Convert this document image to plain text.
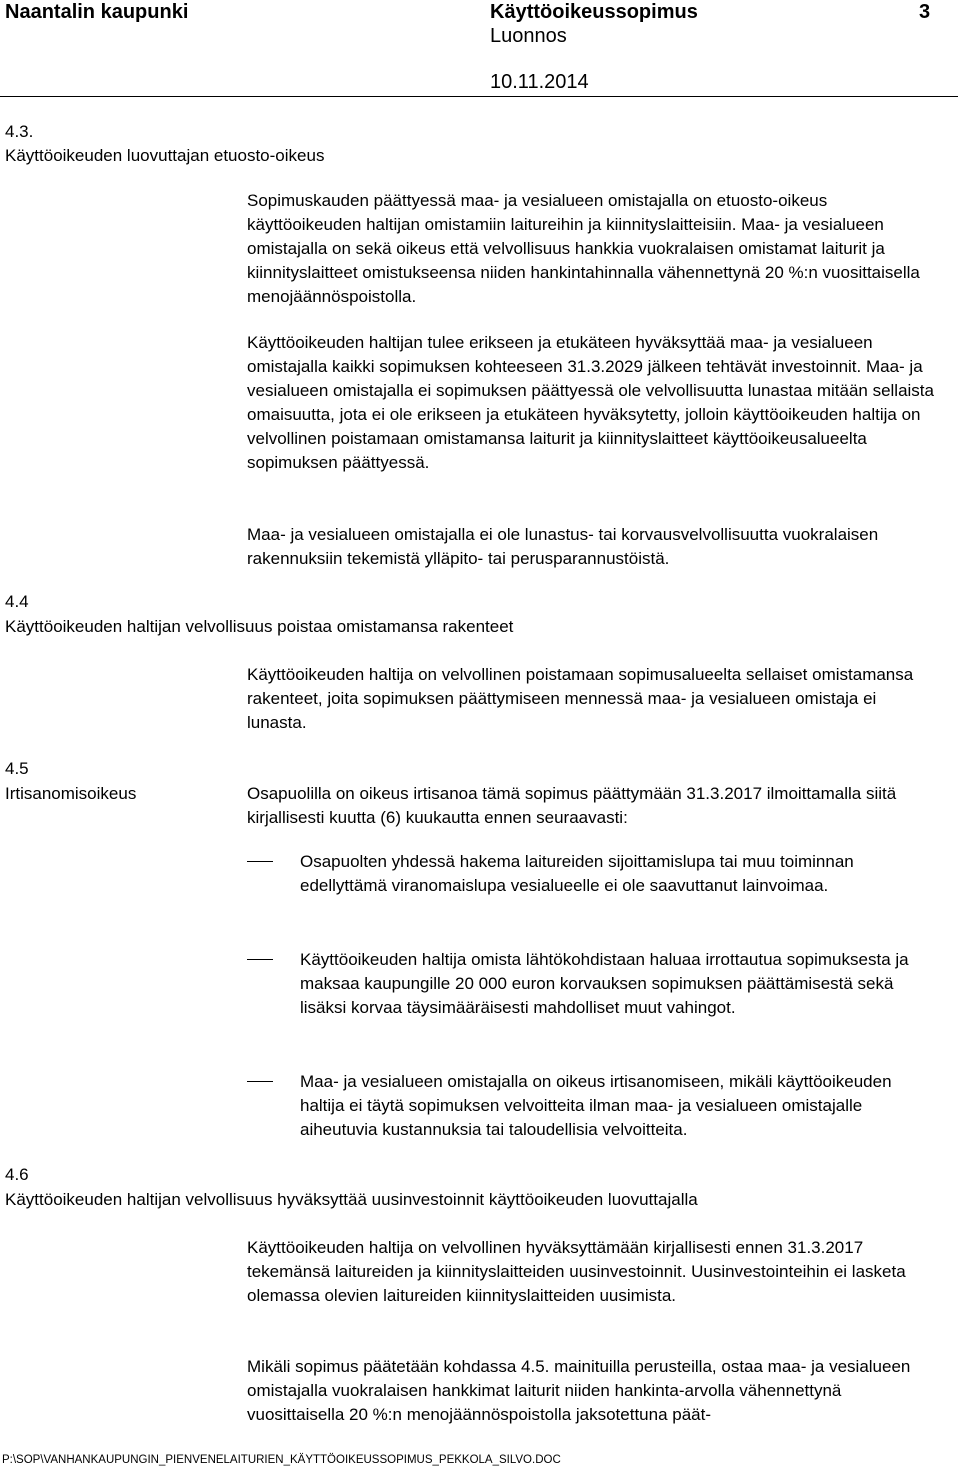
Naantalin kaupunki	Käyttöoikeussopimus
Luonnos
10.11.2014
3
4.3.
Käyttöoikeuden luovuttajan etuosto-oikeus

Sopimuskauden päättyessä maa- ja vesialueen omistajalla on etuosto-oikeus käyttöoikeuden haltijan omistamiin laitureihin ja kiinnityslaitteisiin. Maa- ja vesialueen omistajalla on sekä oikeus että velvollisuus hankkia vuokralaisen omistamat laiturit ja kiinnityslaitteet omistukseensa niiden hankintahinnalla vähennettynä 20 %:n vuosittaisella menojäännöspoistolla.

Käyttöoikeuden haltijan tulee erikseen ja etukäteen hyväksyttää maa- ja vesialueen omistajalla kaikki sopimuksen kohteeseen 31.3.2029 jälkeen tehtävät investoinnit. Maa- ja vesialueen omistajalla ei sopimuksen päättyessä ole velvollisuutta lunastaa mitään sellaista omaisuutta, jota ei ole erikseen ja etukäteen hyväksytetty, jolloin käyttöoikeuden haltija on velvollinen poistamaan omistamansa laiturit ja kiinnityslaitteet käyttöoikeusalueelta sopimuksen päättyessä.

Maa- ja vesialueen omistajalla ei ole lunastus- tai korvausvelvollisuutta vuokralaisen rakennuksiin tekemistä ylläpito- tai perusparannustöistä.

4.4
Käyttöoikeuden haltijan velvollisuus poistaa omistamansa rakenteet

Käyttöoikeuden haltija on velvollinen poistamaan sopimusalueelta sellaiset omistamansa rakenteet, joita sopimuksen päättymiseen mennessä maa- ja vesialueen omistaja ei lunasta.

4.5
Irtisanomisoikeus	Osapuolilla on oikeus irtisanoa tämä sopimus päättymään 31.3.2017 ilmoittamalla siitä kirjallisesti kuutta (6) kuukautta ennen seuraavasti:

Osapuolten yhdessä hakema laitureiden sijoittamislupa tai muu toiminnan edellyttämä viranomaislupa vesialueelle ei ole saavuttanut lainvoimaa.
Käyttöoikeuden haltija omista lähtökohdistaan haluaa irrottautua sopimuksesta ja maksaa kaupungille 20 000 euron korvauksen sopimuksen päättämisestä sekä lisäksi korvaa täysimääräisesti mahdolliset muut vahingot.
Maa- ja vesialueen omistajalla on oikeus irtisanomiseen, mikäli käyttöoikeuden haltija ei täytä sopimuksen velvoitteita ilman maa- ja vesialueen omistajalle aiheutuvia kustannuksia tai taloudellisia velvoitteita.
4.6
Käyttöoikeuden haltijan velvollisuus hyväksyttää uusinvestoinnit käyttöoikeuden luovuttajalla

Käyttöoikeuden haltija on velvollinen hyväksyttämään kirjallisesti ennen 31.3.2017 tekemänsä laitureiden ja kiinnityslaitteiden uusinvestoinnit. Uusinvestointeihin ei lasketa olemassa olevien laitureiden kiinnityslaitteiden uusimista.

Mikäli sopimus päätetään kohdassa 4.5. mainituilla perusteilla, ostaa maa- ja vesialueen omistajalla vuokralaisen hankkimat laiturit niiden hankinta-arvolla vähennettynä vuosittaisella 20 %:n menojäännöspoistolla jaksotettuna päät-

P:\SOP\VANHANKAUPUNGIN_PIENVENELAITURIEN_KÄYTTÖOIKEUSSOPIMUS_PEKKOLA_SILVO.DOC
